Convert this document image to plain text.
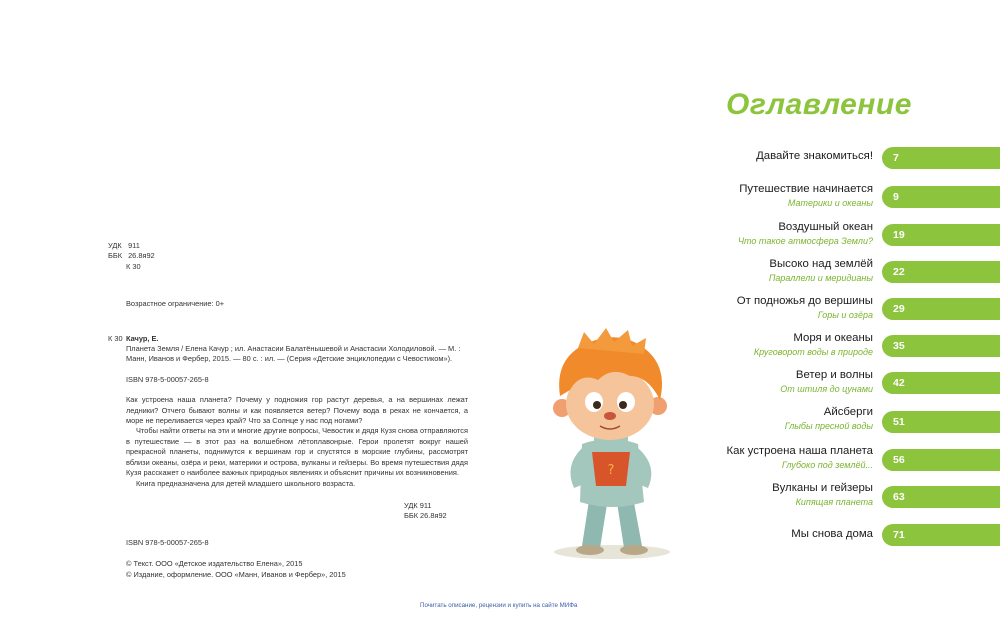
УДК
911
ББК
26.8я92
К 30
Возрастное ограничение: 0+
К 30 Качур, Е.

Планета Земля / Елена Качур ; ил. Анастасии Балатёнышевой и Анастасии Холодиловой. — М. : Манн, Иванов и Фербер, 2015. — 80 с. : ил. — (Серия «Детские энциклопедии с Чевостиком»).

ISBN 978-5-00057-265-8

Как устроена наша планета? Почему у подножия гор растут деревья, а на вершинах лежат ледники? Отчего бывают волны и как появляется ветер? Почему вода в реках не кончается, а море не переливается через край? Что за Солнце у нас под ногами?

Чтобы найти ответы на эти и многие другие вопросы, Чевостик и дядя Кузя снова отправляются в путешествие — в этот раз на волшебном лётоплавонрые. Герои пролетят вокруг нашей прекрасной планеты, поднимутся к вершинам гор и спустятся в морские глубины, рассмотрят вблизи океаны, озёра и реки, материки и острова, вулканы и гейзеры. Во время путешествия дядя Кузя расскажет о наиболее важных природных явлениях и объяснит причины их возникновения.

Книга предназначена для детей младшего школьного возраста.

УДК 911
ББК 26.8я92
ISBN 978-5-00057-265-8
© Текст. ООО «Детское издательство Елена», 2015
© Издание, оформление. ООО «Манн, Иванов и Фербер», 2015
?
Почитать описание, рецензии и купить на сайте МИФа
Оглавление
Давайте знакомиться!	7
Путешествие начинается
Материки и океаны	9
Воздушный океан
Что такое атмосфера Земли?	19
Высоко над землёй
Параллели и меридианы	22
От подножья до вершины
Горы и озёра	29
Моря и океаны
Круговорот воды в природе	35
Ветер и волны
От штиля до цунами	42
Айсберги
Глыбы пресной воды	51
Как устроена наша планета
Глубоко под землёй...	56
Вулканы и гейзеры
Кипящая планета	63
Мы снова дома	71
